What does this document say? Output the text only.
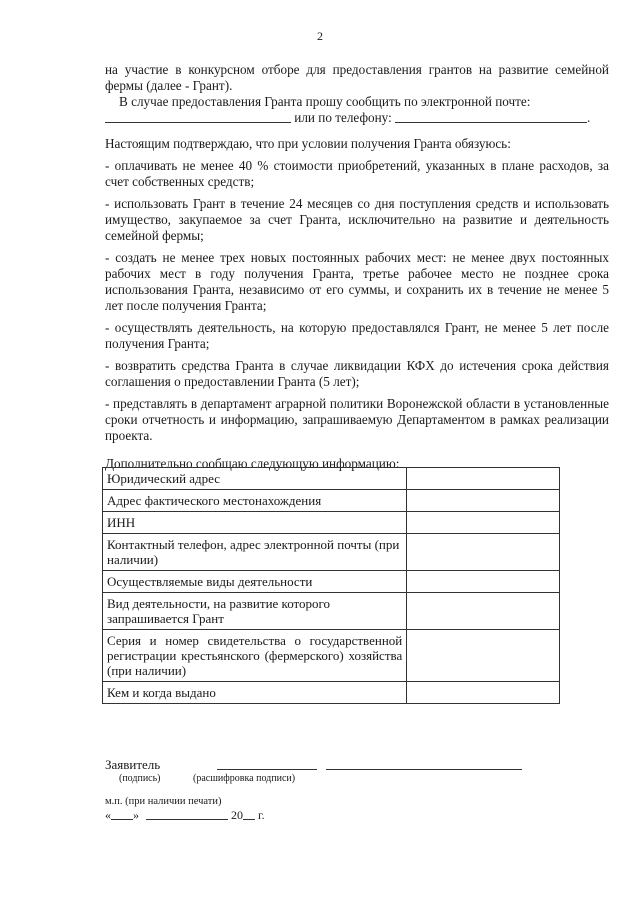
2

на участие в конкурсном отборе для предоставления грантов на развитие семейной фермы (далее - Грант).

В случае предоставления Гранта прошу сообщить по электронной почте:

или по телефону:	.

Настоящим подтверждаю, что при условии получения Гранта обязуюсь:

- оплачивать не менее 40 % стоимости приобретений, указанных в плане расходов, за счет собственных средств;

- использовать Грант в течение 24 месяцев со дня поступления средств и использовать имущество, закупаемое за счет Гранта, исключительно на развитие и деятельность семейной фермы;

- создать не менее трех новых постоянных рабочих мест: не менее двух постоянных рабочих мест в году получения Гранта, третье рабочее место не позднее срока использования Гранта, независимо от его суммы, и сохранить их в течение не менее 5 лет после получения Гранта;

- осуществлять деятельность, на которую предоставлялся Грант, не менее 5 лет после получения Гранта;

- возвратить средства Гранта в случае ликвидации КФХ до истечения срока действия соглашения о предоставлении Гранта (5 лет);

- представлять в департамент аграрной политики Воронежской области в установленные сроки отчетность и информацию, запрашиваемую Департаментом в рамках реализации проекта.

Дополнительно сообщаю следующую информацию:

Юридический адрес	
Адрес фактического местонахождения	
ИНН	
Контактный телефон, адрес электронной почты (при наличии)	
Осуществляемые виды деятельности	
Вид деятельности, на развитие которого запрашивается Грант	
Серия и номер свидетельства о государственной регистрации крестьянского (фермерского) хозяйства (при наличии)	
Кем и когда выдано	
Заявитель
(подпись)	(расшифровка подписи)
м.п. (при наличии печати)
« »	20 г.
